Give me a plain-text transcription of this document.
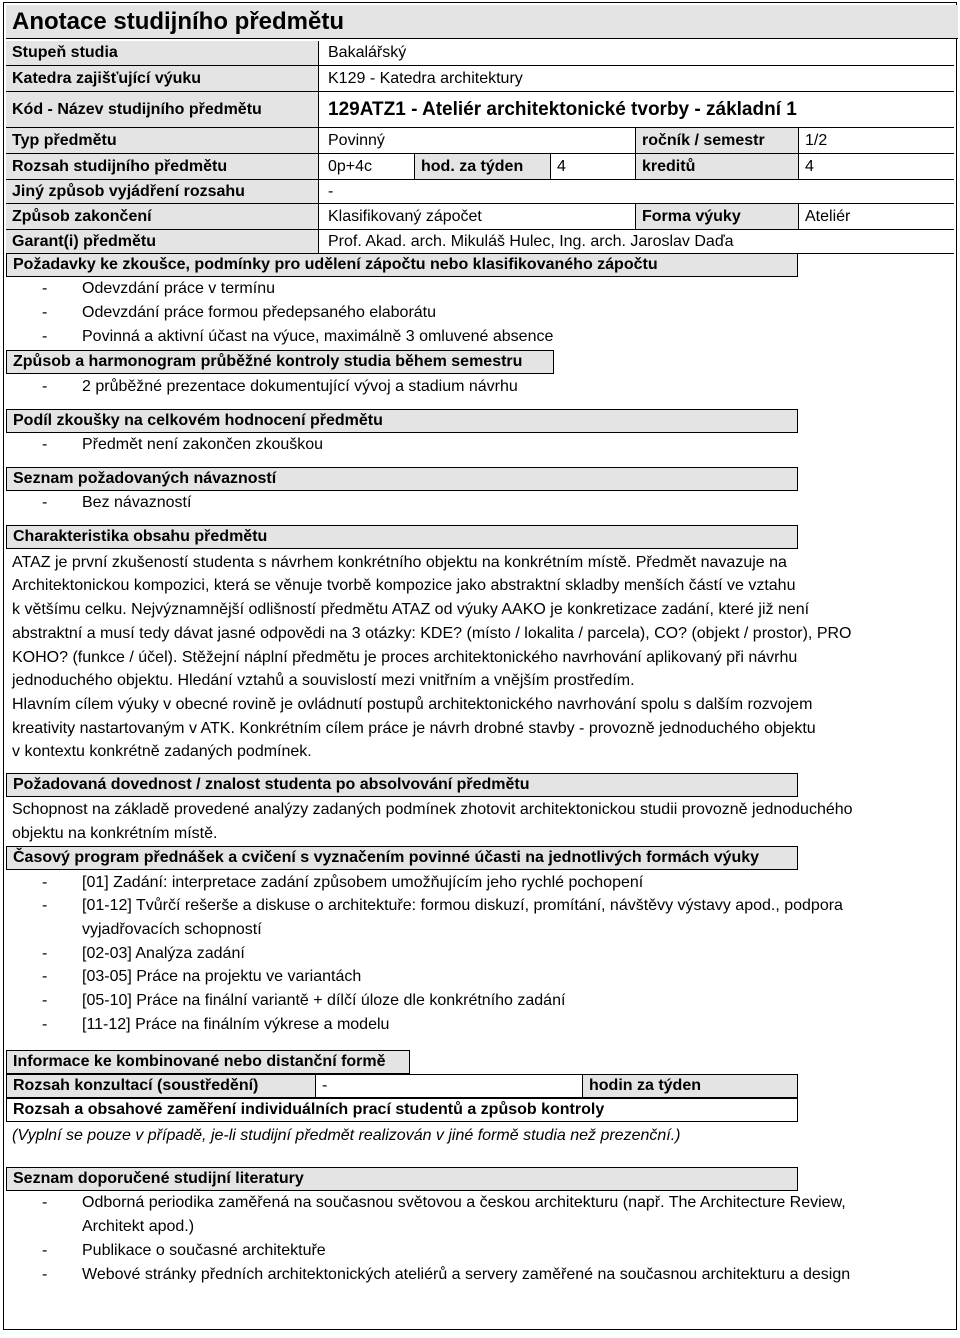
Anotace studijního předmětu
Stupeň studia	Bakalářský
Katedra zajišťující výuku	K129 - Katedra architektury
Kód - Název studijního předmětu	129ATZ1 - Ateliér architektonické tvorby - základní 1
Typ předmětu	Povinný	ročník / semestr	1/2
Rozsah studijního předmětu	0p+4c	hod. za týden	4	kreditů	4
Jiný způsob vyjádření rozsahu	-
Způsob zakončení	Klasifikovaný zápočet	Forma výuky	Ateliér
Garant(i) předmětu	Prof. Akad. arch. Mikuláš Hulec, Ing. arch. Jaroslav Daďa
Požadavky ke zkoušce, podmínky pro udělení zápočtu nebo klasifikovaného zápočtu
- Odevzdání práce v termínu
- Odevzdání práce formou předepsaného elaborátu
- Povinná a aktivní účast na výuce, maximálně 3 omluvené absence
Způsob a harmonogram průběžné kontroly studia během semestru
- 2 průběžné prezentace dokumentující vývoj a stadium návrhu
Podíl zkoušky na celkovém hodnocení předmětu
- Předmět není zakončen zkouškou
Seznam požadovaných návazností
- Bez návazností
Charakteristika obsahu předmětu
ATAZ je první zkušeností studenta s návrhem konkrétního objektu na konkrétním místě. Předmět navazuje na
Architektonickou kompozici, která se věnuje tvorbě kompozice jako abstraktní skladby menších částí ve vztahu
k většímu celku. Nejvýznamnější odlišností předmětu ATAZ od výuky AAKO je konkretizace zadání, které již není
abstraktní a musí tedy dávat jasné odpovědi na 3 otázky: KDE? (místo / lokalita / parcela), CO? (objekt / prostor), PRO
KOHO? (funkce / účel). Stěžejní náplní předmětu je proces architektonického navrhování aplikovaný při návrhu
jednoduchého objektu. Hledání vztahů a souvislostí mezi vnitřním a vnějším prostředím.
Hlavním cílem výuky v obecné rovině je ovládnutí postupů architektonického navrhování spolu s dalším rozvojem
kreativity nastartovaným v ATK. Konkrétním cílem práce je návrh drobné stavby - provozně jednoduchého objektu
v kontextu konkrétně zadaných podmínek.
Požadovaná dovednost / znalost studenta po absolvování předmětu
Schopnost na základě provedené analýzy zadaných podmínek zhotovit architektonickou studii provozně jednoduchého
objektu na konkrétním místě.
Časový program přednášek a cvičení s vyznačením povinné účasti na jednotlivých formách výuky
- [01] Zadání: interpretace zadání způsobem umožňujícím jeho rychlé pochopení
- [01-12] Tvůrčí rešerše a diskuse o architektuře: formou diskuzí, promítání, návštěvy výstavy apod., podpora
vyjadřovacích schopností
- [02-03] Analýza zadání
- [03-05] Práce na projektu ve variantách
- [05-10] Práce na finální variantě + dílčí úloze dle konkrétního zadání
- [11-12] Práce na finálním výkrese a modelu
Informace ke kombinované nebo distanční formě
Rozsah konzultací (soustředění)	-	hodin za týden
Rozsah a obsahové zaměření individuálních prací studentů a způsob kontroly
(Vyplní se pouze v případě, je-li studijní předmět realizován v jiné formě studia než prezenční.)
Seznam doporučené studijní literatury
- Odborná periodika zaměřená na současnou světovou a českou architekturu (např. The Architecture Review,
Architekt apod.)
- Publikace o současné architektuře
- Webové stránky předních architektonických ateliérů a servery zaměřené na současnou architekturu a design
